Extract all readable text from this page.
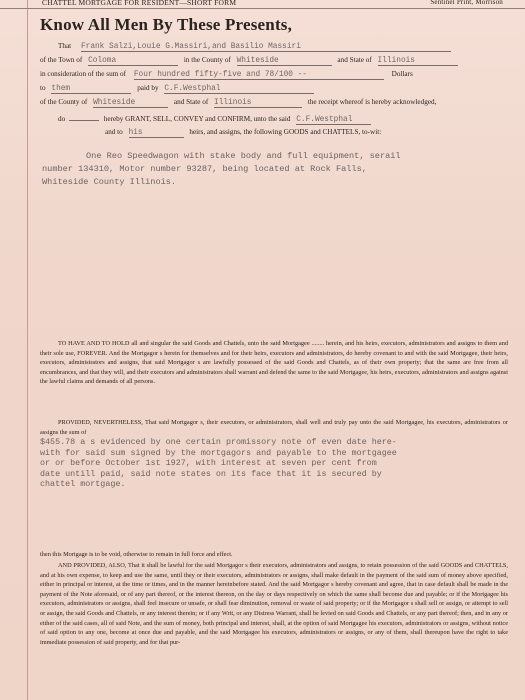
CHATTEL MORTGAGE FOR RESIDENT—SHORT FORM	Sentinel Print, Morrison
Know All Men By These Presents,
That Frank Salzi,Louie G.Massiri,and Basilio Massiri
of the Town of Coloma	in the County of Whiteside	and State of Illinois
in consideration of the sum of Four hundred fifty-five and 78/100 --	Dollars
to them	paid by C.F.Westphal
of the County of Whiteside	and State of Illinois	the receipt whereof is hereby acknowledged,
do	hereby GRANT, SELL, CONVEY and CONFIRM, unto the said C.F.Westphal
and to his	heirs, and assigns, the following GOODS and CHATTELS, to-wit:
One Reo Speedwagon with stake body and full equipment, serail
number 134310, Motor number 93287, being located at Rock Falls,
Whiteside County Illinois.
TO HAVE AND TO HOLD all and singular the said Goods and Chattels, unto the said Mortgagee ........ herein, and his heirs, executors, administrators and assigns to them and their sole use, FOREVER. And the Mortgagor s herein for themselves and for their heirs, executors and administrators, do hereby covenant to and with the said Mortgagee, their heirs, executors, administrators and assigns, that said Mortgagor s are lawfully possessed of the said Goods and Chattels, as of their own property; that the same are free from all encumbrances, and that they will, and their executors and administrators shall warrant and defend the same to the said Mortgagee, his heirs, executors, administrators and assigns against the lawful claims and demands of all persons.
PROVIDED, NEVERTHELESS, That said Mortgagor s, their executors, or administrators, shall well and truly pay unto the said Mortgagee, his executors, administrators or assigns the sum of
$455.78 a s evidenced by one certain promissory note of even date here-
with for said sum signed by the mortgagors and payable to the mortgagee
or or before October 1st 1927, with interest at seven per cent from
date untill paid, said note states on its face that it is secured by
chattel mortgage.
then this Mortgage is to be void, otherwise to remain in full force and effect.
AND PROVIDED, ALSO, That it shall be lawful for the said Mortgagor s their executors, administrators and assigns, to retain possession of the said GOODS and CHATTELS, and at his own expense, to keep and use the same, until they or their executors, administrators or assigns, shall make default in the payment of the said sum of money above specified, either in principal or interest, at the time or times, and in the manner hereinbefore stated. And the said Mortgagor s hereby covenant and agree, that in case default shall be made in the payment of the Note aforesaid, or of any part thereof, or the interest thereon, on the day or days respectively on which the same shall become due and payable; or if the Mortgagee his executors, administrators or assigns, shall feel insecure or unsafe, or shall fear diminution, removal or waste of said property; or if the Mortgagor s shall sell or assign, or attempt to sell or assign, the said Goods and Chattels, or any interest therein; or if any Writ, or any Distress Warrant, shall be levied on said Goods and Chattels, or any part thereof; then, and in any or either of the said cases, all of said Note, and the sum of money, both principal and interest, shall, at the option of said Mortgagee his executors, administrators or assigns, without notice of said option to any one, become at once due and payable, and the said Mortgagee his executors, administrators or assigns, or any of them, shall thereupon have the right to take immediate possession of said property, and for that pur-
